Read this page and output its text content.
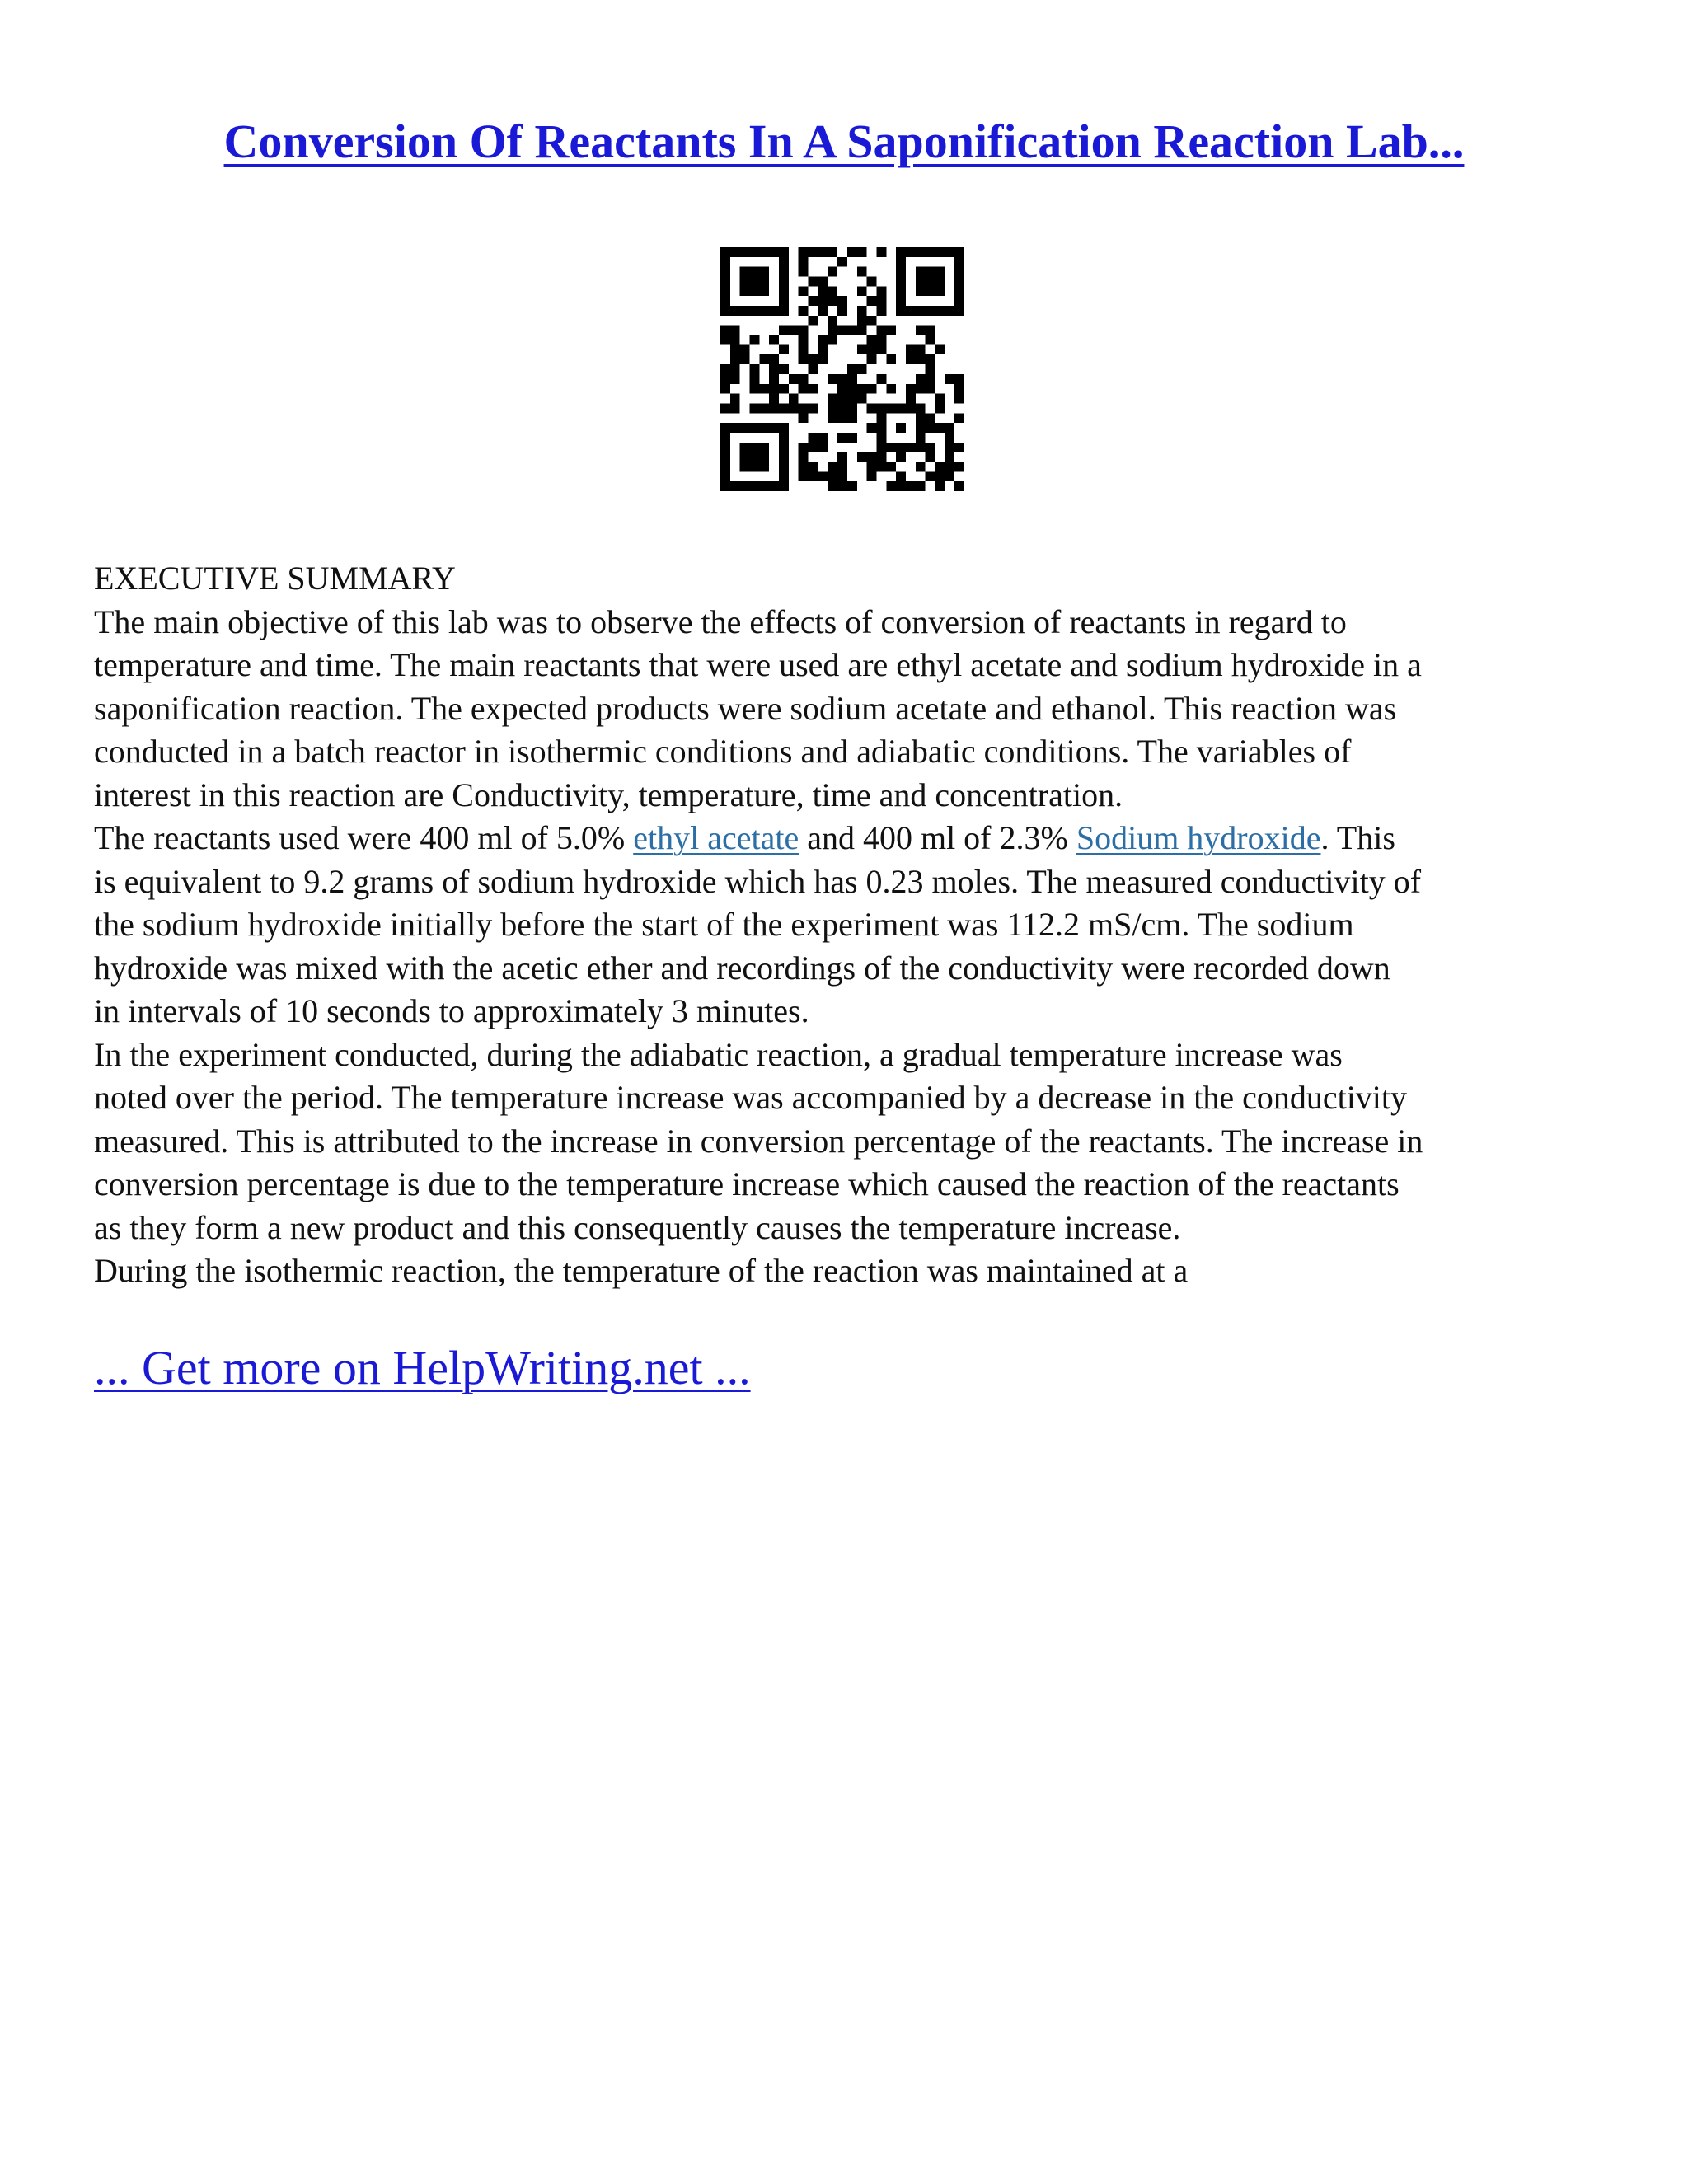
Conversion Of Reactants In A Saponification Reaction Lab...
EXECUTIVE SUMMARY
The main objective of this lab was to observe the effects of conversion of reactants in regard to
temperature and time. The main reactants that were used are ethyl acetate and sodium hydroxide in a
saponification reaction. The expected products were sodium acetate and ethanol. This reaction was
conducted in a batch reactor in isothermic conditions and adiabatic conditions. The variables of
interest in this reaction are Conductivity, temperature, time and concentration.
The reactants used were 400 ml of 5.0% ethyl acetate and 400 ml of 2.3% Sodium hydroxide. This
is equivalent to 9.2 grams of sodium hydroxide which has 0.23 moles. The measured conductivity of
the sodium hydroxide initially before the start of the experiment was 112.2 mS/cm. The sodium
hydroxide was mixed with the acetic ether and recordings of the conductivity were recorded down
in intervals of 10 seconds to approximately 3 minutes.
In the experiment conducted, during the adiabatic reaction, a gradual temperature increase was
noted over the period. The temperature increase was accompanied by a decrease in the conductivity
measured. This is attributed to the increase in conversion percentage of the reactants. The increase in
conversion percentage is due to the temperature increase which caused the reaction of the reactants
as they form a new product and this consequently causes the temperature increase.
During the isothermic reaction, the temperature of the reaction was maintained at a
... Get more on HelpWriting.net ...
